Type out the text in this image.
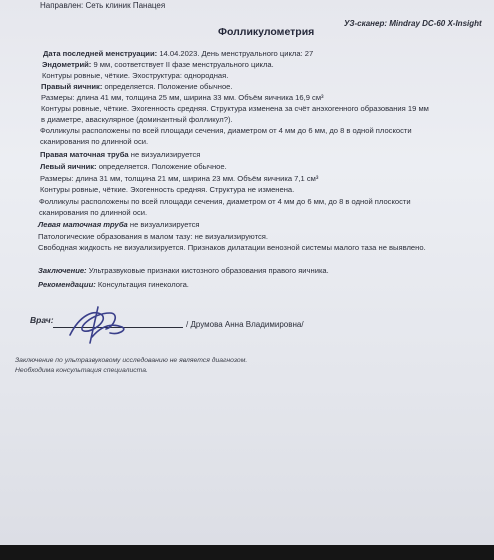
Направлен: Сеть клиник Панацея
УЗ-сканер: Mindray DC-60 X-Insight
Фолликулометрия
Дата последней менструации: 14.04.2023. День менструального цикла: 27
Эндометрий: 9 мм, соответствует II фазе менструального цикла.
Контуры ровные, чёткие. Эхоструктура: однородная.
Правый яичник: определяется. Положение обычное.
Размеры: длина 41 мм, толщина 25 мм, ширина 33 мм. Объём яичника 16,9 см³
Контуры ровные, чёткие. Эхогенность средняя. Структура изменена за счёт анэхогенного образования 19 мм
в диаметре, аваскулярное (доминантный фолликул?).
Фолликулы расположены по всей площади сечения, диаметром от 4 мм до 6 мм, до 8 в одной плоскости
сканирования по длинной оси.
Правая маточная труба не визуализируется
Левый яичник: определяется. Положение обычное.
Размеры: длина 31 мм, толщина 21 мм, ширина 23 мм. Объём яичника 7,1 см³
Контуры ровные, чёткие. Эхогенность средняя. Структура не изменена.
Фолликулы расположены по всей площади сечения, диаметром от 4 мм до 6 мм, до 8 в одной плоскости
сканирования по длинной оси.
Левая маточная труба не визуализируется
Патологические образования в малом тазу: не визуализируются.
Свободная жидкость не визуализируется. Признаков дилатации венозной системы малого таза не выявлено.
Заключение: Ультразвуковые признаки кистозного образования правого яичника.
Рекомендации: Консультация гинеколога.
Врач:	/ Друмова Анна Владимировна/
Заключение по ультразвуковому исследованию не является диагнозом.
Необходима консультация специалиста.
